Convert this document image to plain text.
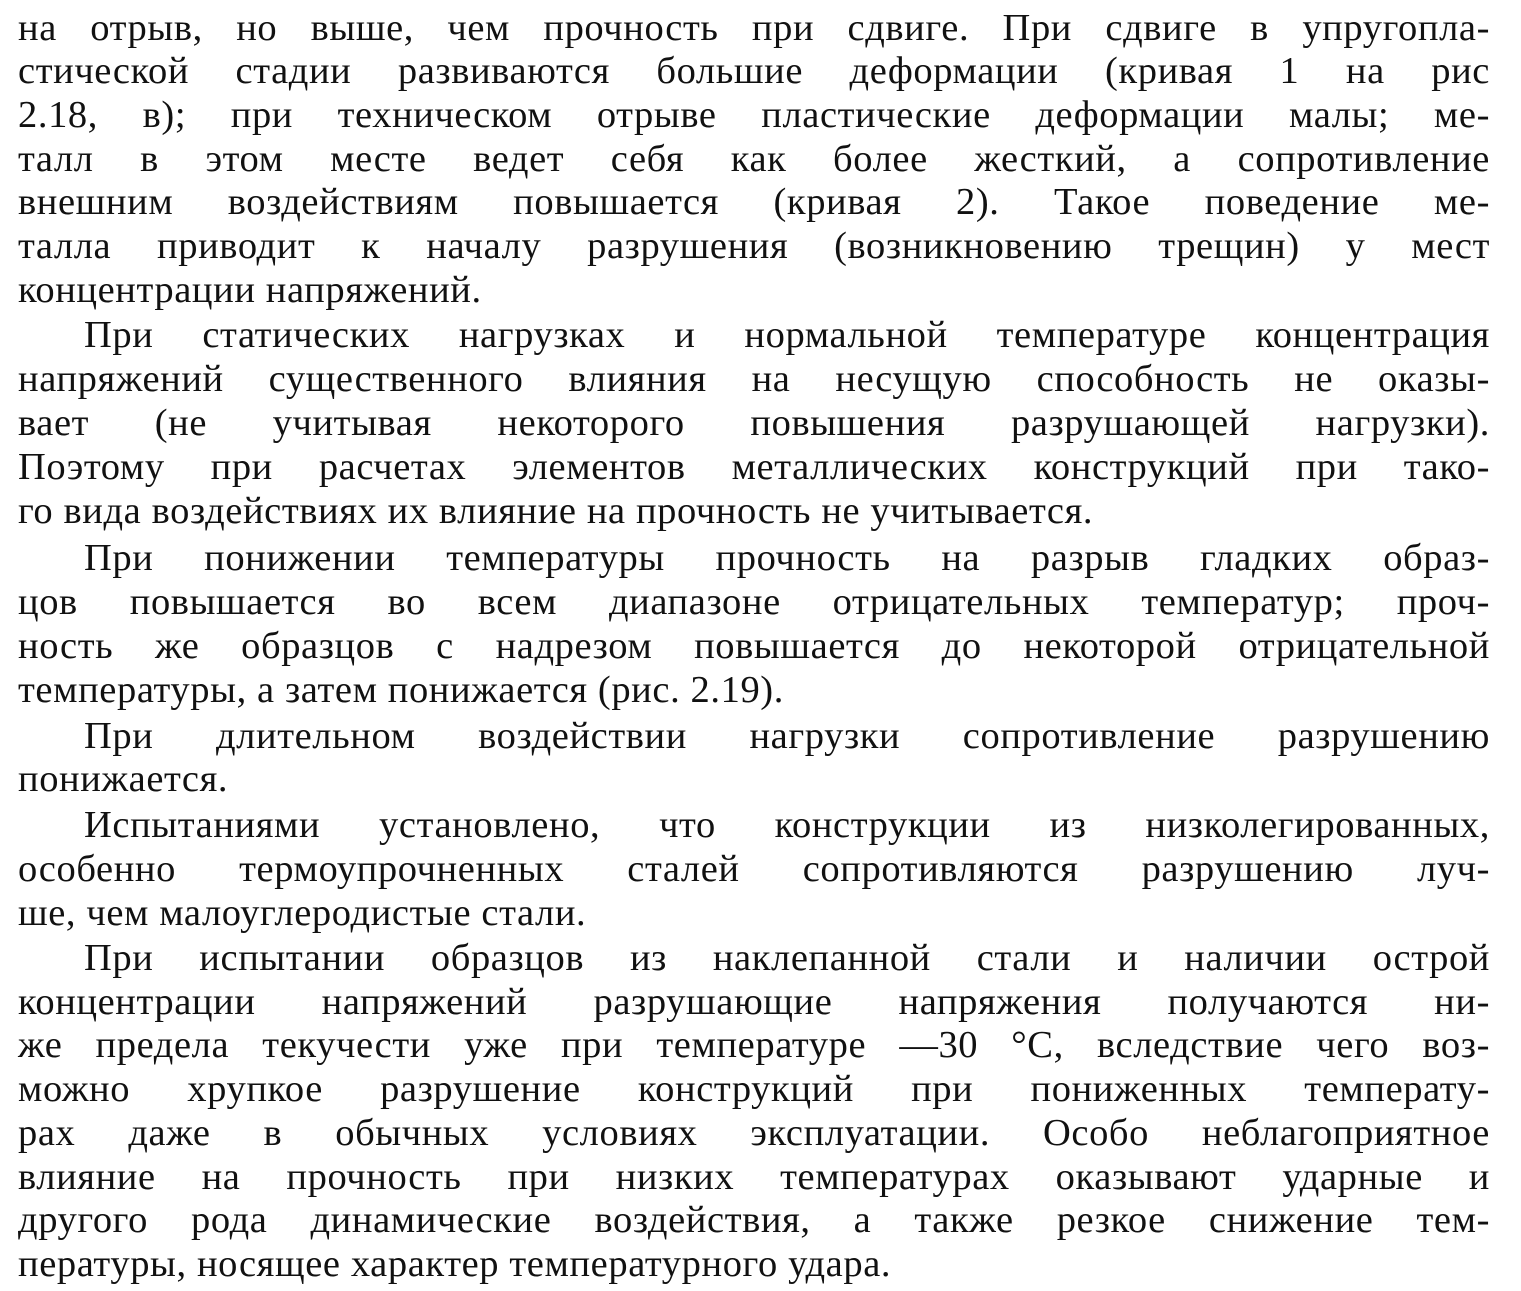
на отрыв, но выше, чем прочность при сдвиге. При сдвиге в упругопла-
стической стадии развиваются большие деформации (кривая 1 на рис
2.18, в); при техническом отрыве пластические деформации малы; ме-
талл в этом месте ведет себя как более жесткий, а сопротивление
внешним воздействиям повышается (кривая 2). Такое поведение ме-
талла приводит к началу разрушения (возникновению трещин) у мест
концентрации напряжений.
При статических нагрузках и нормальной температуре концентрация
напряжений существенного влияния на несущую способность не оказы-
вает (не учитывая некоторого повышения разрушающей нагрузки).
Поэтому при расчетах элементов металлических конструкций при тако-
го вида воздействиях их влияние на прочность не учитывается.
При понижении температуры прочность на разрыв гладких образ-
цов повышается во всем диапазоне отрицательных температур; проч-
ность же образцов с надрезом повышается до некоторой отрицательной
температуры, а затем понижается (рис. 2.19).
При длительном воздействии нагрузки сопротивление разрушению
понижается.
Испытаниями установлено, что конструкции из низколегированных,
особенно термоупрочненных сталей сопротивляются разрушению луч-
ше, чем малоуглеродистые стали.
При испытании образцов из наклепанной стали и наличии острой
концентрации напряжений разрушающие напряжения получаются ни-
же предела текучести уже при температуре —30 °С, вследствие чего воз-
можно хрупкое разрушение конструкций при пониженных температу-
рах даже в обычных условиях эксплуатации. Особо неблагоприятное
влияние на прочность при низких температурах оказывают ударные и
другого рода динамические воздействия, а также резкое снижение тем-
пературы, носящее характер температурного удара.
